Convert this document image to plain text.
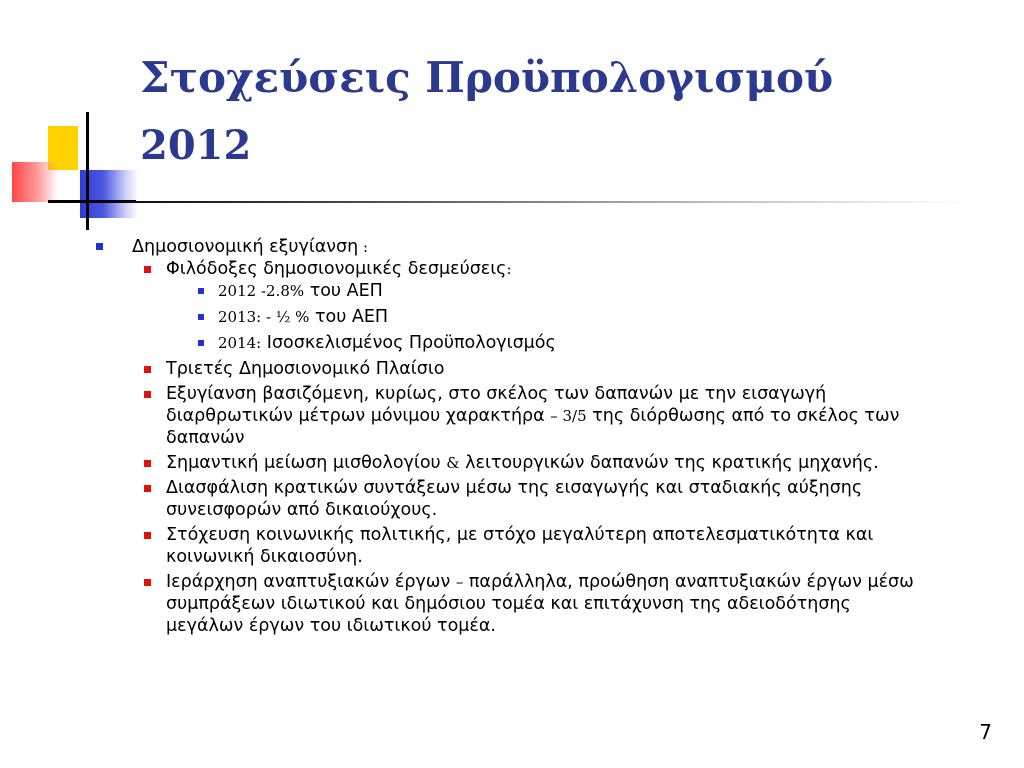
Στοχεύσεις Προϋπολογισμού
2012
Δημοσιονομική εξυγίανση :
Φιλόδοξες δημοσιονομικές δεσμεύσεις:
2012 -2.8% του ΑΕΠ
2013: - ½ % του ΑΕΠ
2014: Ισοσκελισμένος Προϋπολογισμός
Τριετές Δημοσιονομικό Πλαίσιο
Εξυγίανση βασιζόμενη, κυρίως, στο σκέλος των δαπανών με την εισαγωγή διαρθρωτικών μέτρων μόνιμου χαρακτήρα – 3/5 της διόρθωσης από το σκέλος των δαπανών
Σημαντική μείωση μισθολογίου & λειτουργικών δαπανών της κρατικής μηχανής.
Διασφάλιση κρατικών συντάξεων μέσω της εισαγωγής και σταδιακής αύξησης συνεισφορών από δικαιούχους.
Στόχευση κοινωνικής πολιτικής, με στόχο μεγαλύτερη αποτελεσματικότητα και κοινωνική δικαιοσύνη.
Ιεράρχηση αναπτυξιακών έργων – παράλληλα, προώθηση αναπτυξιακών έργων μέσω συμπράξεων ιδιωτικού και δημόσιου τομέα και επιτάχυνση της αδειοδότησης μεγάλων έργων του ιδιωτικού τομέα.
7
